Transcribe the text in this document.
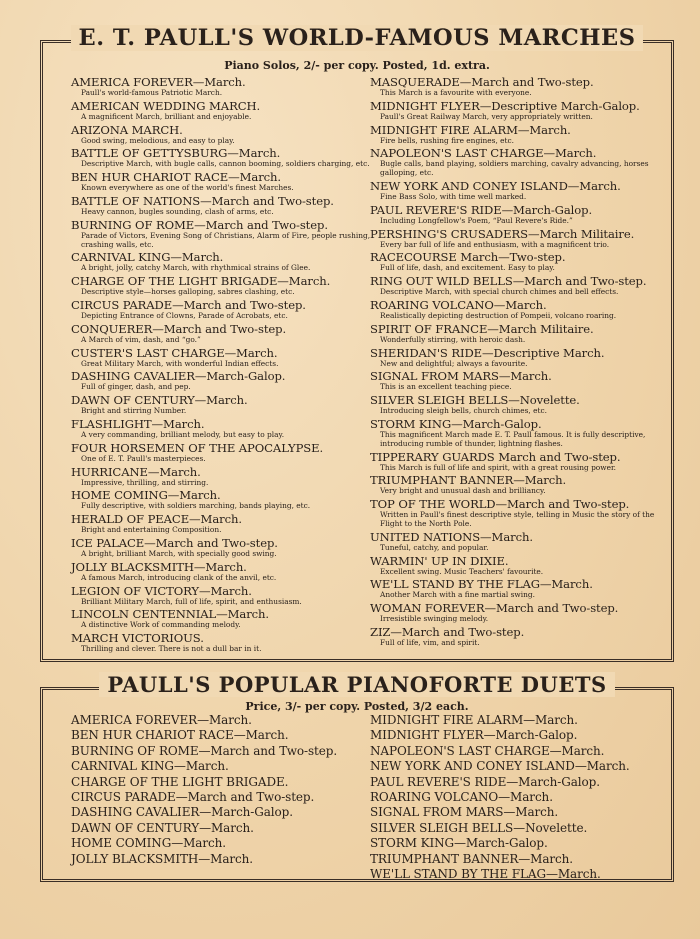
E. T. PAULL'S WORLD-FAMOUS MARCHES
Piano Solos, 2/- per copy. Posted, 1d. extra.
AMERICA FOREVER—March.
Paull's world-famous Patriotic March.
AMERICAN WEDDING MARCH.
A magnificent March, brilliant and enjoyable.
ARIZONA MARCH.
Good swing, melodious, and easy to play.
BATTLE OF GETTYSBURG—March.
Descriptive March, with bugle calls, cannon booming, soldiers charging, etc.
BEN HUR CHARIOT RACE—March.
Known everywhere as one of the world's finest Marches.
BATTLE OF NATIONS—March and Two-step.
Heavy cannon, bugles sounding, clash of arms, etc.
BURNING OF ROME—March and Two-step.
Parade of Victors, Evening Song of Christians, Alarm of Fire, people rushing, crashing walls, etc.
CARNIVAL KING—March.
A bright, jolly, catchy March, with rhythmical strains of Glee.
CHARGE OF THE LIGHT BRIGADE—March.
Descriptive style—horses galloping, sabres clashing, etc.
CIRCUS PARADE—March and Two-step.
Depicting Entrance of Clowns, Parade of Acrobats, etc.
CONQUERER—March and Two-step.
A March of vim, dash, and “go.”
CUSTER'S LAST CHARGE—March.
Great Military March, with wonderful Indian effects.
DASHING CAVALIER—March-Galop.
Full of ginger, dash, and pep.
DAWN OF CENTURY—March.
Bright and stirring Number.
FLASHLIGHT—March.
A very commanding, brilliant melody, but easy to play.
FOUR HORSEMEN OF THE APOCALYPSE.
One of E. T. Paull's masterpieces.
HURRICANE—March.
Impressive, thrilling, and stirring.
HOME COMING—March.
Fully descriptive, with soldiers marching, bands playing, etc.
HERALD OF PEACE—March.
Bright and entertaining Composition.
ICE PALACE—March and Two-step.
A bright, brilliant March, with specially good swing.
JOLLY BLACKSMITH—March.
A famous March, introducing clank of the anvil, etc.
LEGION OF VICTORY—March.
Brilliant Military March, full of life, spirit, and enthusiasm.
LINCOLN CENTENNIAL—March.
A distinctive Work of commanding melody.
MARCH VICTORIOUS.
Thrilling and clever. There is not a dull bar in it.
MASQUERADE—March and Two-step.
This March is a favourite with everyone.
MIDNIGHT FLYER—Descriptive March-Galop.
Paull's Great Railway March, very appropriately written.
MIDNIGHT FIRE ALARM—March.
Fire bells, rushing fire engines, etc.
NAPOLEON'S LAST CHARGE—March.
Bugle calls, band playing, soldiers marching, cavalry advancing, horses galloping, etc.
NEW YORK AND CONEY ISLAND—March.
Fine Bass Solo, with time well marked.
PAUL REVERE'S RIDE—March-Galop.
Including Longfellow's Poem, “Paul Revere's Ride.”
PERSHING'S CRUSADERS—March Militaire.
Every bar full of life and enthusiasm, with a magnificent trio.
RACECOURSE March—Two-step.
Full of life, dash, and excitement. Easy to play.
RING OUT WILD BELLS—March and Two-step.
Descriptive March, with special church chimes and bell effects.
ROARING VOLCANO—March.
Realistically depicting destruction of Pompeii, volcano roaring.
SPIRIT OF FRANCE—March Militaire.
Wonderfully stirring, with heroic dash.
SHERIDAN'S RIDE—Descriptive March.
New and delightful; always a favourite.
SIGNAL FROM MARS—March.
This is an excellent teaching piece.
SILVER SLEIGH BELLS—Novelette.
Introducing sleigh bells, church chimes, etc.
STORM KING—March-Galop.
This magnificent March made E. T. Paull famous. It is fully descriptive, introducing rumble of thunder, lightning flashes.
TIPPERARY GUARDS March and Two-step.
This March is full of life and spirit, with a great rousing power.
TRIUMPHANT BANNER—March.
Very bright and unusual dash and brilliancy.
TOP OF THE WORLD—March and Two-step.
Written in Paull's finest descriptive style, telling in Music the story of the Flight to the North Pole.
UNITED NATIONS—March.
Tuneful, catchy, and popular.
WARMIN' UP IN DIXIE.
Excellent swing. Music Teachers' favourite.
WE'LL STAND BY THE FLAG—March.
Another March with a fine martial swing.
WOMAN FOREVER—March and Two-step.
Irresistible swinging melody.
ZIZ—March and Two-step.
Full of life, vim, and spirit.
PAULL'S POPULAR PIANOFORTE DUETS
Price, 3/- per copy. Posted, 3/2 each.
AMERICA FOREVER—March.
BEN HUR CHARIOT RACE—March.
BURNING OF ROME—March and Two-step.
CARNIVAL KING—March.
CHARGE OF THE LIGHT BRIGADE.
CIRCUS PARADE—March and Two-step.
DASHING CAVALIER—March-Galop.
DAWN OF CENTURY—March.
HOME COMING—March.
JOLLY BLACKSMITH—March.
MIDNIGHT FIRE ALARM—March.
MIDNIGHT FLYER—March-Galop.
NAPOLEON'S LAST CHARGE—March.
NEW YORK AND CONEY ISLAND—March.
PAUL REVERE'S RIDE—March-Galop.
ROARING VOLCANO—March.
SIGNAL FROM MARS—March.
SILVER SLEIGH BELLS—Novelette.
STORM KING—March-Galop.
TRIUMPHANT BANNER—March.
WE'LL STAND BY THE FLAG—March.
